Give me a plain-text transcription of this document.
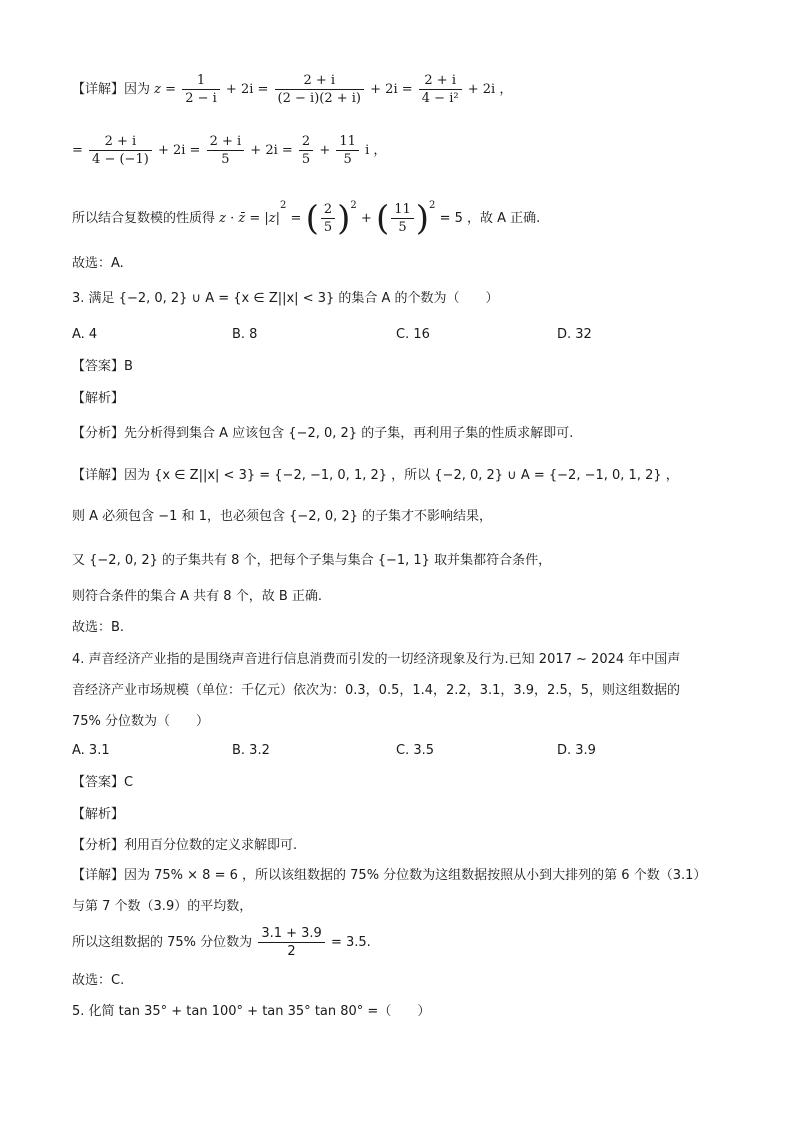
【详解】因为 $z = \frac{1}{2 - i} + 2i = \frac{2 + i}{(2 - i)(2 + i)} + 2i = \frac{2 + i}{\text{4 − i²}} + 2i$ ，
= $\frac{2 + i}{4 - (-1)} + 2i = \frac{2 + i}{5} + 2i = \frac{2}{5} + \frac{11}{5}$ i ，
所以结合复数模的性质得 z · z̄ = $|z|^2$ = ( $\frac{2}{5} )^2$ + ( $\frac{11}{5} )^2 = 5$ ，故 A 正确.
故选：A.
3. 满足 {−2, 0, 2} ∪ A = {x ∈ Z||x| < 3} 的集合 A 的个数为（　　）
A. 4	B. 8	C. 16	D. 32
【答案】B
【解析】
【分析】先分析得到集合 A 应该包含 {−2, 0, 2} 的子集，再利用子集的性质求解即可.
【详解】因为 {x ∈ Z||x| < 3} = {−2, −1, 0, 1, 2} ，所以 {−2, 0, 2} ∪ A = {−2, −1, 0, 1, 2} ，
则 A 必须包含 −1 和 1，也必须包含 {−2, 0, 2} 的子集才不影响结果，
又 {−2, 0, 2} 的子集共有 8 个，把每个子集与集合 {−1, 1} 取并集都符合条件，
则符合条件的集合 A 共有 8 个，故 B 正确.
故选：B.
4. 声音经济产业指的是围绕声音进行信息消费而引发的一切经济现象及行为.已知 2017 ~ 2024 年中国声
音经济产业市场规模（单位：千亿元）依次为：0.3，0.5，1.4，2.2，3.1，3.9，2.5，5，则这组数据的
75% 分位数为（　　）
A. 3.1	B. 3.2	C. 3.5	D. 3.9
【答案】C
【解析】
【分析】利用百分位数的定义求解即可.
【详解】因为 75% × 8 = 6 ，所以该组数据的 75% 分位数为这组数据按照从小到大排列的第 6 个数（3.1）
与第 7 个数（3.9）的平均数，
所以这组数据的 75% 分位数为 $\frac{3.1 + 3.9}{2} = 3.5$.
故选：C.
5. 化简 tan 35° + tan 100° + tan 35° tan 80° =（　　）
